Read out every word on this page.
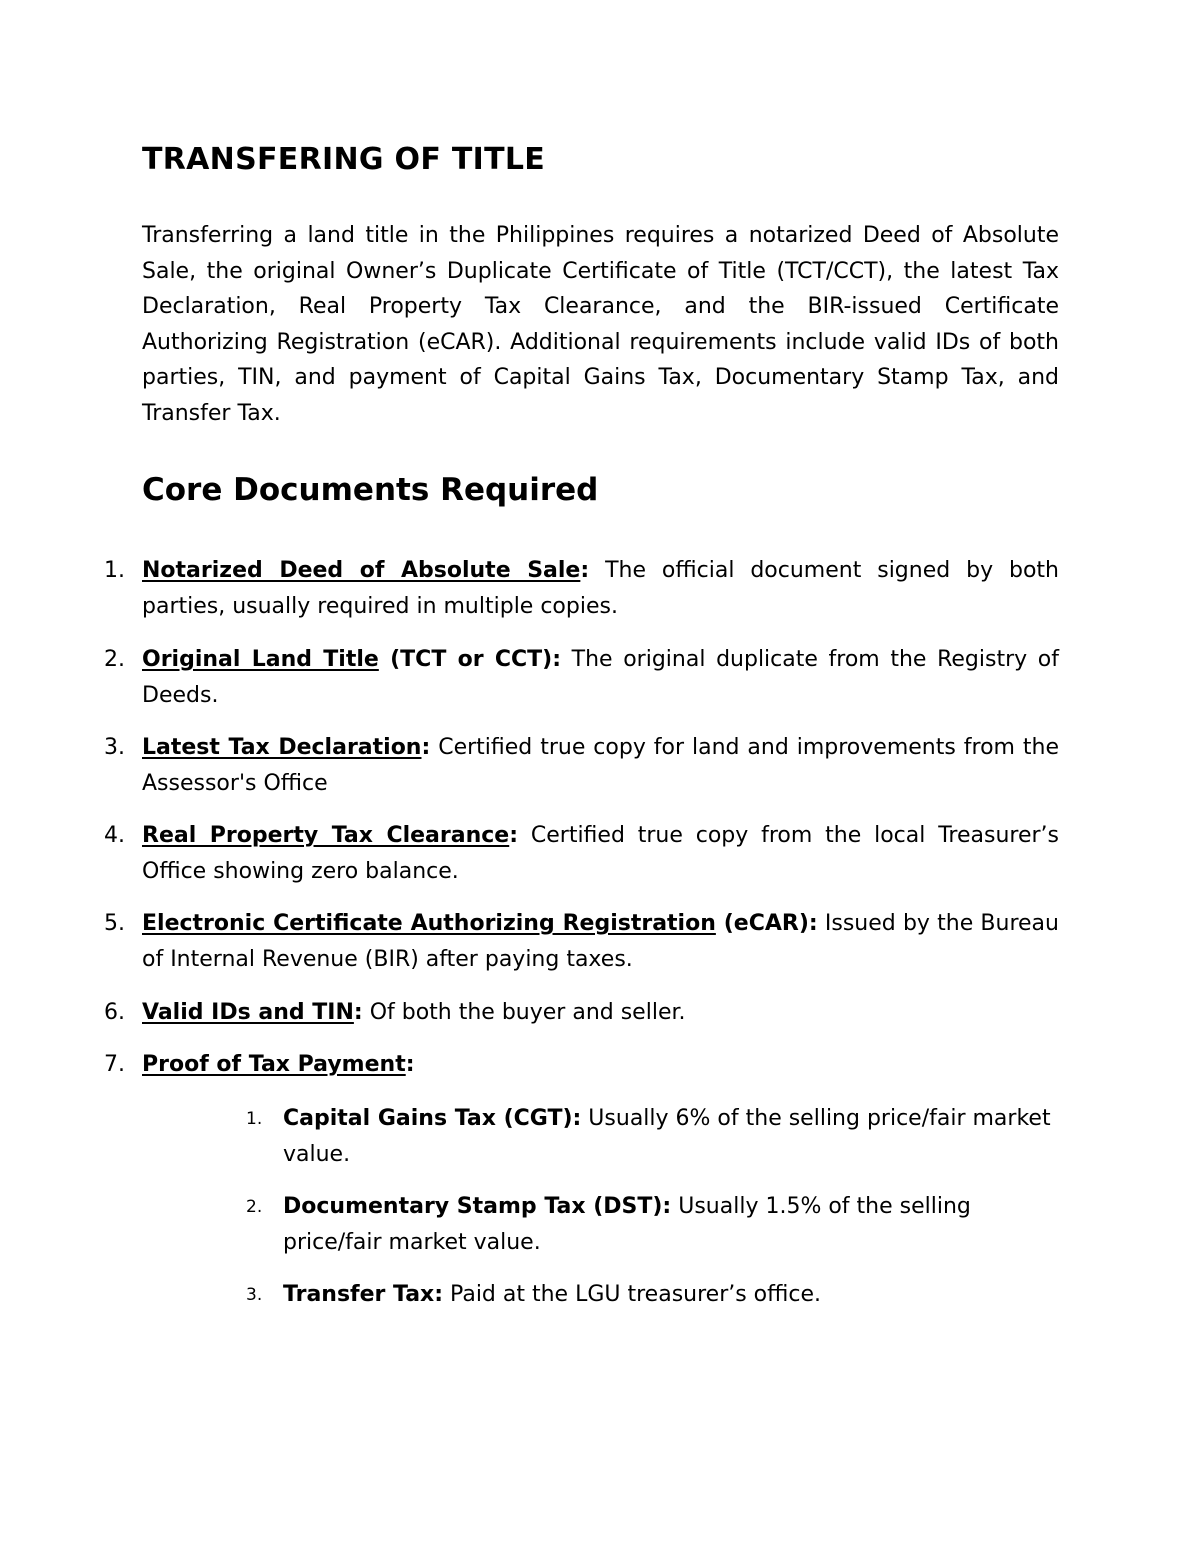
TRANSFERING OF TITLE

Transferring a land title in the Philippines requires a notarized Deed of Absolute Sale, the original Owner’s Duplicate Certificate of Title (TCT/CCT), the latest Tax Declaration, Real Property Tax Clearance, and the BIR-issued Certificate Authorizing Registration (eCAR). Additional requirements include valid IDs of both parties, TIN, and payment of Capital Gains Tax, Documentary Stamp Tax, and Transfer Tax.

Core Documents Required
1. Notarized Deed of Absolute Sale: The official document signed by both parties, usually required in multiple copies.
2. Original Land Title (TCT or CCT): The original duplicate from the Registry of Deeds.
3. Latest Tax Declaration: Certified true copy for land and improvements from the Assessor's Office
4. Real Property Tax Clearance: Certified true copy from the local Treasurer’s Office showing zero balance.
5. Electronic Certificate Authorizing Registration (eCAR): Issued by the Bureau of Internal Revenue (BIR) after paying taxes.
6. Valid IDs and TIN: Of both the buyer and seller.
7. Proof of Tax Payment:
1. Capital Gains Tax (CGT): Usually 6% of the selling price/fair market value.
2. Documentary Stamp Tax (DST): Usually 1.5% of the selling price/fair market value.
3. Transfer Tax: Paid at the LGU treasurer’s office.
